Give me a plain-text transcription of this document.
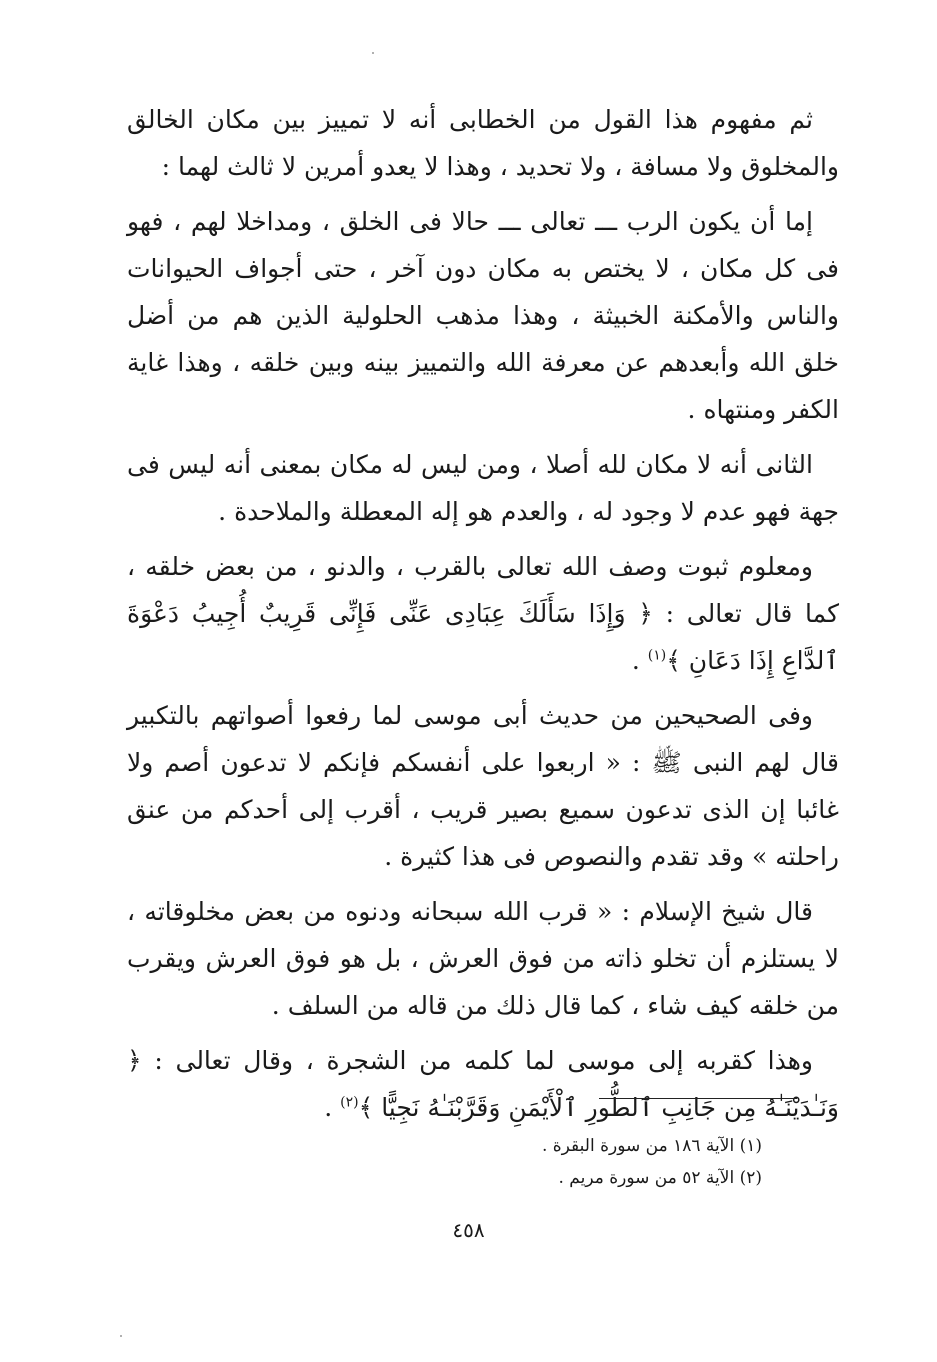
ثم مفهوم هذا القول من الخطابى أنه لا تمييز بين مكان الخالق والمخلوق ولا مسافة ، ولا تحديد ، وهذا لا يعدو أمرين لا ثالث لهما :

إما أن يكون الرب ـــ تعالى ـــ حالا فى الخلق ، ومداخلا لهم ، فهو فى كل مكان ، لا يختص به مكان دون آخر ، حتى أجواف الحيوانات والناس والأمكنة الخبيثة ، وهذا مذهب الحلولية الذين هم من أضل خلق الله وأبعدهم عن معرفة الله والتمييز بينه وبين خلقه ، وهذا غاية الكفر ومنتهاه .

الثانى أنه لا مكان لله أصلا ، ومن ليس له مكان بمعنى أنه ليس فى جهة فهو عدم لا وجود له ، والعدم هو إله المعطلة والملاحدة .

ومعلوم ثبوت وصف الله تعالى بالقرب ، والدنو ، من بعض خلقه ، كما قال تعالى : ﴿ وَإِذَا سَأَلَكَ عِبَادِى عَنِّى فَإِنِّى قَرِيبٌ أُجِيبُ دَعْوَةَ ٱلدَّاعِ إِذَا دَعَانِ ﴾$^{(١)}$ .

وفى الصحيحين من حديث أبى موسى لما رفعوا أصواتهم بالتكبير قال لهم النبى ﷺ : « اربعوا على أنفسكم فإنكم لا تدعون أصم ولا غائبا إن الذى تدعون سميع بصير قريب ، أقرب إلى أحدكم من عنق راحلته » وقد تقدم والنصوص فى هذا كثيرة .

قال شيخ الإسلام : « قرب الله سبحانه ودنوه من بعض مخلوقاته ، لا يستلزم أن تخلو ذاته من فوق العرش ، بل هو فوق العرش ويقرب من خلقه كيف شاء ، كما قال ذلك من قاله من السلف .

وهذا كقربه إلى موسى لما كلمه من الشجرة ، وقال تعالى : ﴿ وَنَـٰدَيْنَـٰهُ مِن جَانِبِ ٱلطُّورِ ٱلْأَيْمَنِ وَقَرَّبْنَـٰهُ نَجِيًّا ﴾$^{(٢)}$ .

(١) الآية ١٨٦ من سورة البقرة .

(٢) الآية ٥٢ من سورة مريم .

٤٥٨
